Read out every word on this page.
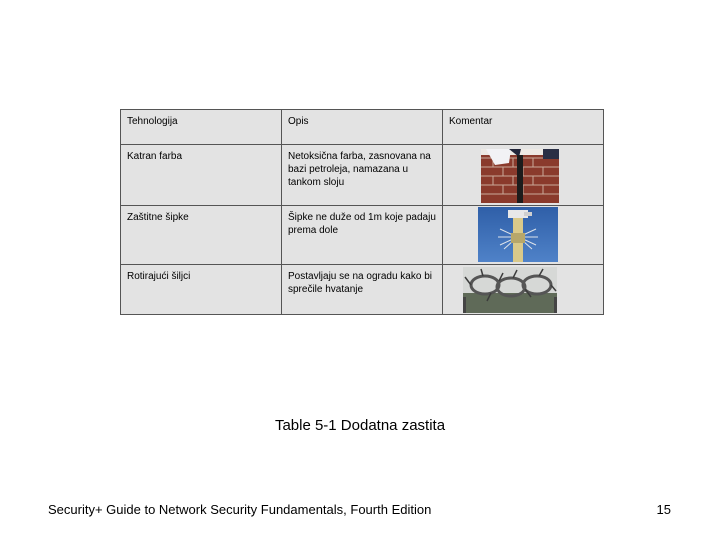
Tehnologija	Opis	Komentar

Katran farba	Netoksična farba, zasnovana na bazi petroleja, namazana u tankom sloju

Zaštitne šipke	Šipke ne duže od 1m koje padaju prema dole

Rotirajući šiljci	Postavljaju se na ogradu kako bi sprečile hvatanje

Table 5-1 Dodatna zastita
Security+ Guide to Network Security Fundamentals, Fourth Edition	15
